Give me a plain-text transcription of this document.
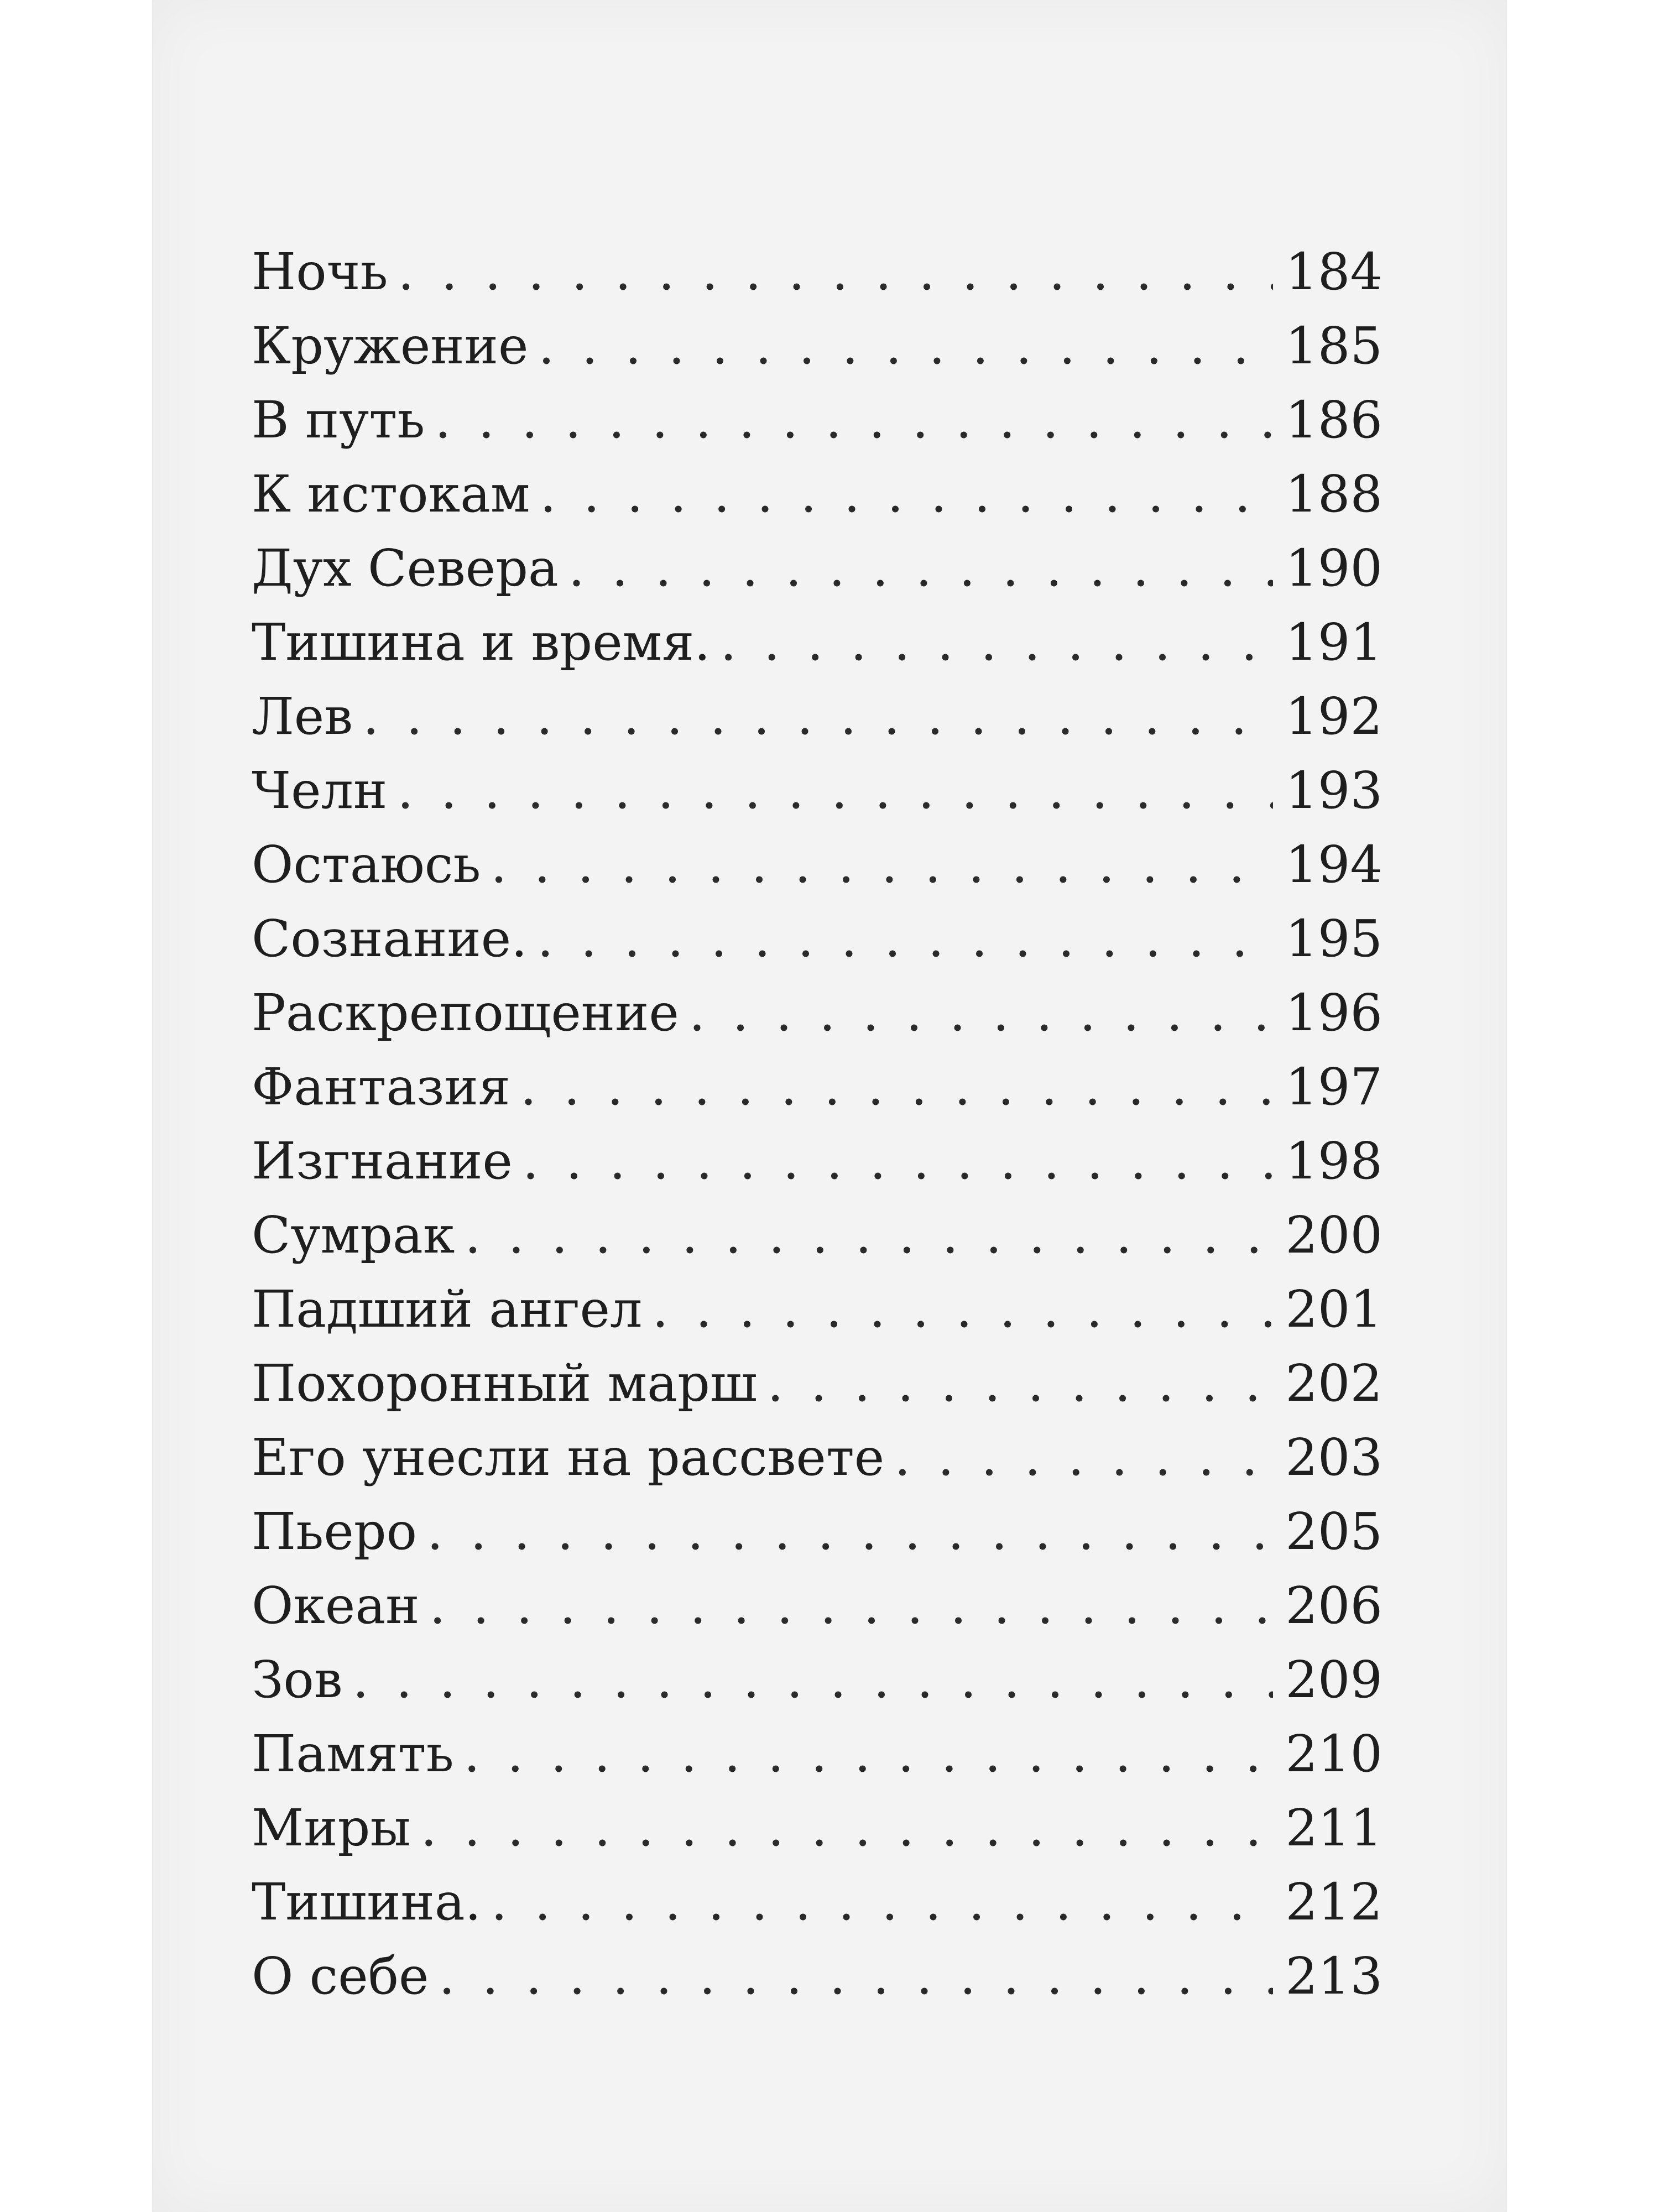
Ночь . . .	184
Кружение . . .	185
В путь . . .	186
К истокам . . .	188
Дух Севера . . .	190
Тишина и время. . . .	191
Лев . . .	192
Челн . . .	193
Остаюсь . . .	194
Сознание. . . .	195
Раскрепощение . . .	196
Фантазия . . .	197
Изгнание . . .	198
Сумрак . . .	200
Падший ангел . . .	201
Похоронный марш . . .	202
Его унесли на рассвете . . .	203
Пьеро . . .	205
Океан . . .	206
Зов . . .	209
Память . . .	210
Миры . . .	211
Тишина. . . .	212
О себе . . .	213
